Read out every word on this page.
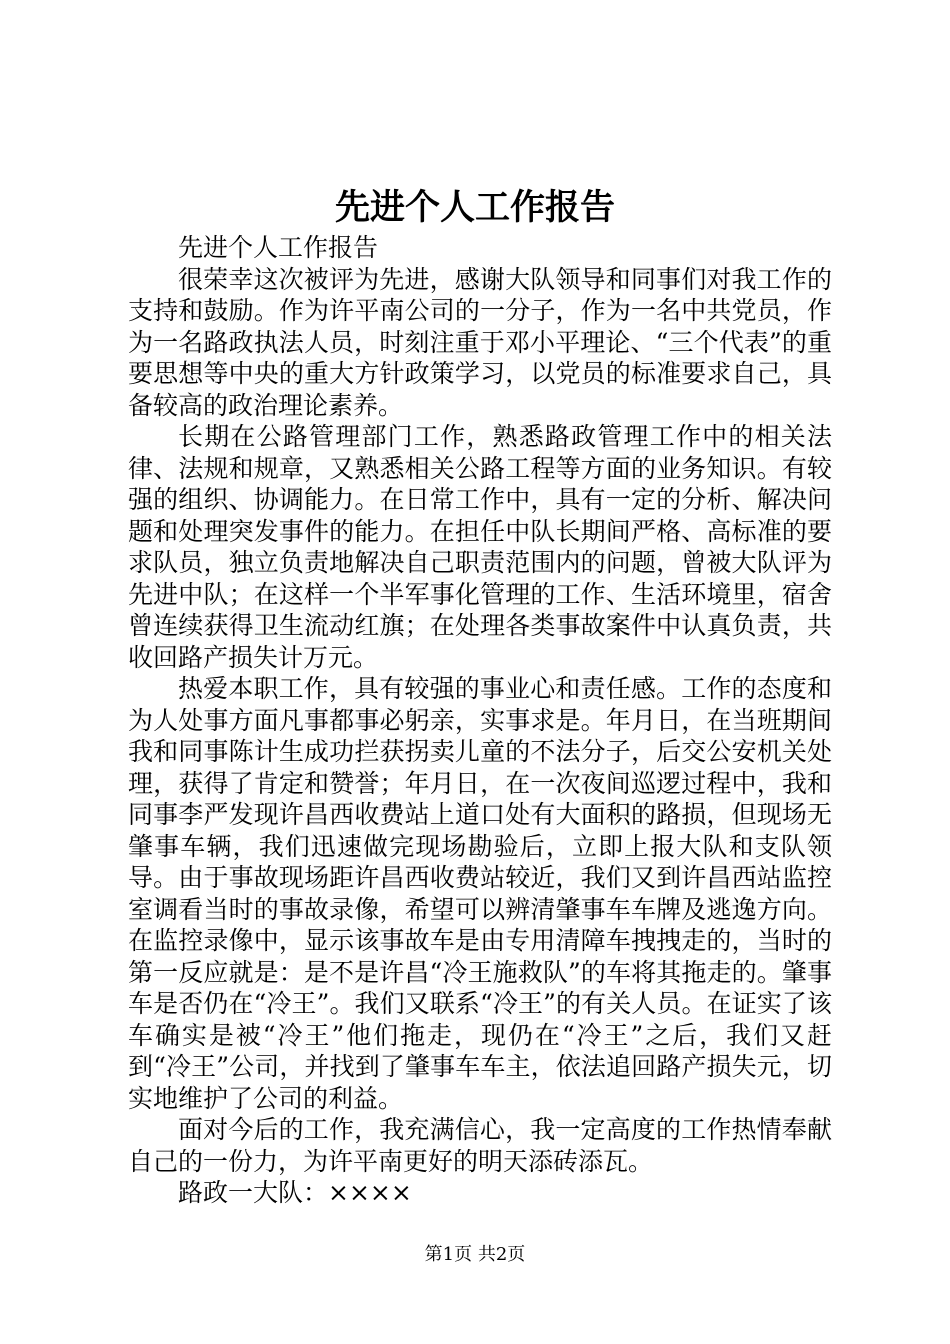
先进个人工作报告

先进个人工作报告

很荣幸这次被评为先进，感谢大队领导和同事们对我工作的支持和鼓励。作为许平南公司的一分子，作为一名中共党员，作为一名路政执法人员，时刻注重于邓小平理论、“三个代表”的重要思想等中央的重大方针政策学习，以党员的标准要求自己，具备较高的政治理论素养。

长期在公路管理部门工作，熟悉路政管理工作中的相关法律、法规和规章，又熟悉相关公路工程等方面的业务知识。有较强的组织、协调能力。在日常工作中，具有一定的分析、解决问题和处理突发事件的能力。在担任中队长期间严格、高标准的要求队员，独立负责地解决自己职责范围内的问题，曾被大队评为先进中队；在这样一个半军事化管理的工作、生活环境里，宿舍曾连续获得卫生流动红旗；在处理各类事故案件中认真负责，共收回路产损失计万元。

热爱本职工作，具有较强的事业心和责任感。工作的态度和为人处事方面凡事都事必躬亲，实事求是。年月日，在当班期间我和同事陈计生成功拦获拐卖儿童的不法分子，后交公安机关处理，获得了肯定和赞誉；年月日，在一次夜间巡逻过程中，我和同事李严发现许昌西收费站上道口处有大面积的路损，但现场无肇事车辆，我们迅速做完现场勘验后，立即上报大队和支队领导。由于事故现场距许昌西收费站较近，我们又到许昌西站监控室调看当时的事故录像，希望可以辨清肇事车车牌及逃逸方向。在监控录像中，显示该事故车是由专用清障车拽拽走的，当时的第一反应就是：是不是许昌“冷王施救队”的车将其拖走的。肇事车是否仍在“冷王”。我们又联系“冷王”的有关人员。在证实了该车确实是被“冷王”他们拖走，现仍在“冷王”之后，我们又赶到“冷王”公司，并找到了肇事车车主，依法追回路产损失元，切实地维护了公司的利益。

面对今后的工作，我充满信心，我一定高度的工作热情奉献自己的一份力，为许平南更好的明天添砖添瓦。

路政一大队：××××

第1页 共2页
